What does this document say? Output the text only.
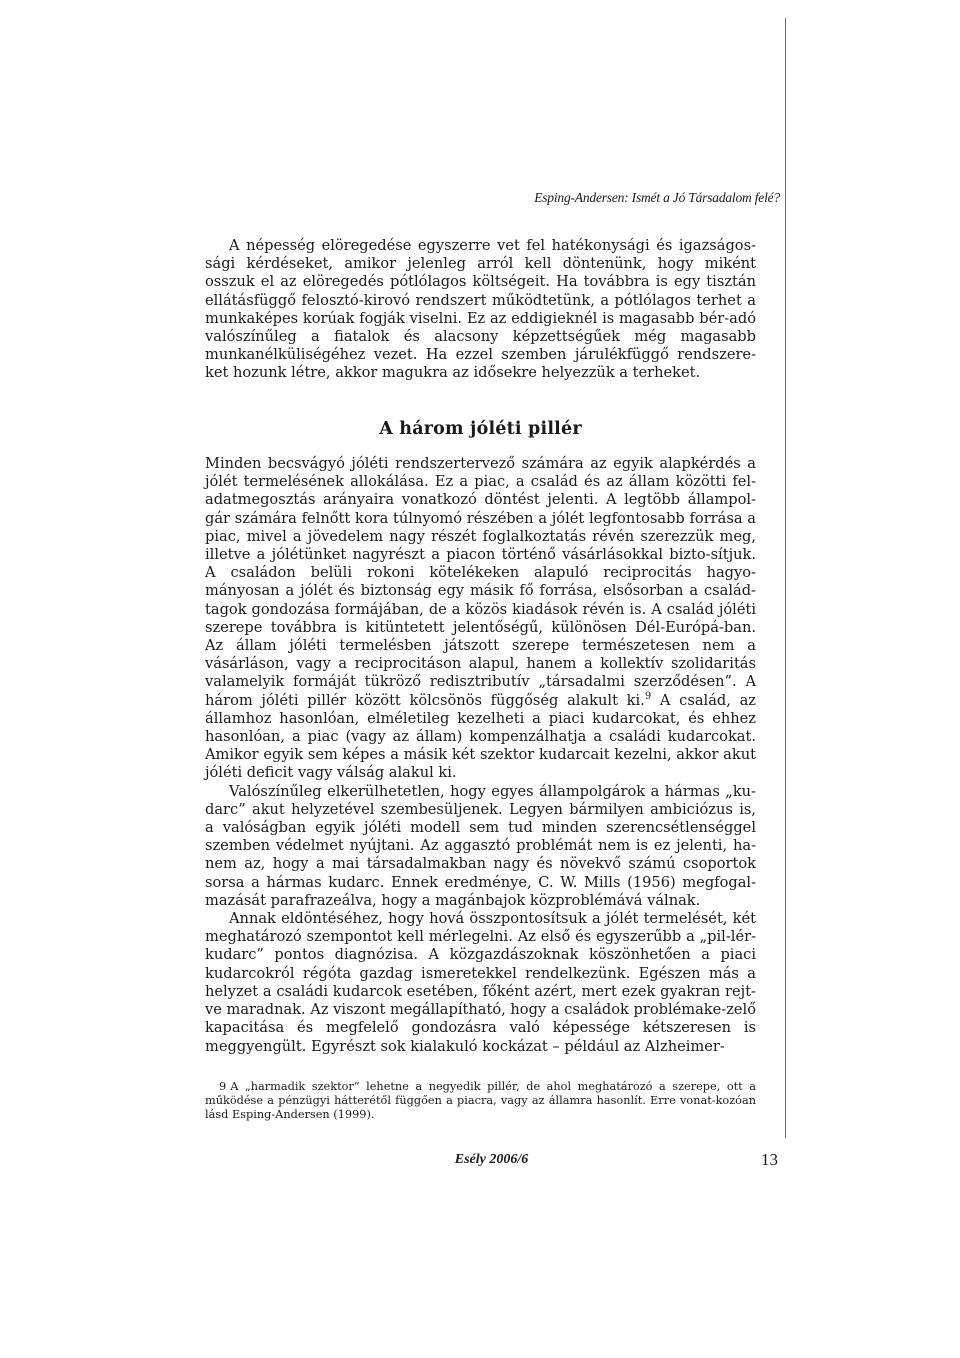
Esping-Andersen: Ismét a Jó Társadalom felé?

A népesség elöregedése egyszerre vet fel hatékonysági és igazságos-sági kérdéseket, amikor jelenleg arról kell döntenünk, hogy miként osszuk el az elöregedés pótlólagos költségeit. Ha továbbra is egy tisztán ellátásfüggő felosztó-kirovó rendszert működtetünk, a pótlólagos terhet a munkaképes korúak fogják viselni. Ez az eddigieknél is magasabb bér-adó valószínűleg a fiatalok és alacsony képzettségűek még magasabb munkanélküliségéhez vezet. Ha ezzel szemben járulékfüggő rendszere-ket hozunk létre, akkor magukra az idősekre helyezzük a terheket.

A három jóléti pillér

Minden becsvágyó jóléti rendszertervező számára az egyik alapkérdés a jólét termelésének allokálása. Ez a piac, a család és az állam közötti fel-adatmegosztás arányaira vonatkozó döntést jelenti. A legtöbb állampol-gár számára felnőtt kora túlnyomó részében a jólét legfontosabb forrása a piac, mivel a jövedelem nagy részét foglalkoztatás révén szerezzük meg, illetve a jólétünket nagyrészt a piacon történő vásárlásokkal bizto-sítjuk. A családon belüli rokoni kötelékeken alapuló reciprocitás hagyo-mányosan a jólét és biztonság egy másik fő forrása, elsősorban a család-tagok gondozása formájában, de a közös kiadások révén is. A család jóléti szerepe továbbra is kitüntetett jelentőségű, különösen Dél-Európá-ban. Az állam jóléti termelésben játszott szerepe természetesen nem a vásárláson, vagy a reciprocitáson alapul, hanem a kollektív szolidaritás valamelyik formáját tükröző redisztributív „társadalmi szerződésen”. A három jóléti pillér között kölcsönös függőség alakult ki.$^9$ A család, az államhoz hasonlóan, elméletileg kezelheti a piaci kudarcokat, és ehhez hasonlóan, a piac (vagy az állam) kompenzálhatja a családi kudarcokat. Amikor egyik sem képes a másik két szektor kudarcait kezelni, akkor akut jóléti deficit vagy válság alakul ki.

Valószínűleg elkerülhetetlen, hogy egyes állampolgárok a hármas „ku-darc” akut helyzetével szembesüljenek. Legyen bármilyen ambiciózus is, a valóságban egyik jóléti modell sem tud minden szerencsétlenséggel szemben védelmet nyújtani. Az aggasztó problémát nem is ez jelenti, ha-nem az, hogy a mai társadalmakban nagy és növekvő számú csoportok sorsa a hármas kudarc. Ennek eredménye, C. W. Mills (1956) megfogal-mazását parafrazeálva, hogy a magánbajok közproblémává válnak.

Annak eldöntéséhez, hogy hová összpontosítsuk a jólét termelését, két meghatározó szempontot kell mérlegelni. Az első és egyszerűbb a „pil-lér-kudarc” pontos diagnózisa. A közgazdászoknak köszönhetően a piaci kudarcokról régóta gazdag ismeretekkel rendelkezünk. Egészen más a helyzet a családi kudarcok esetében, főként azért, mert ezek gyakran rejt-ve maradnak. Az viszont megállapítható, hogy a családok problémake-zelő kapacitása és megfelelő gondozásra való képessége kétszeresen is meggyengült. Egyrészt sok kialakuló kockázat – például az Alzheimer-

9 A „harmadik szektor” lehetne a negyedik pillér, de ahol meghatározó a szerepe, ott a működése a pénzügyi hátterétől függően a piacra, vagy az államra hasonlít. Erre vonat-kozóan lásd Esping-Andersen (1999).
Esély 2006/6	13
